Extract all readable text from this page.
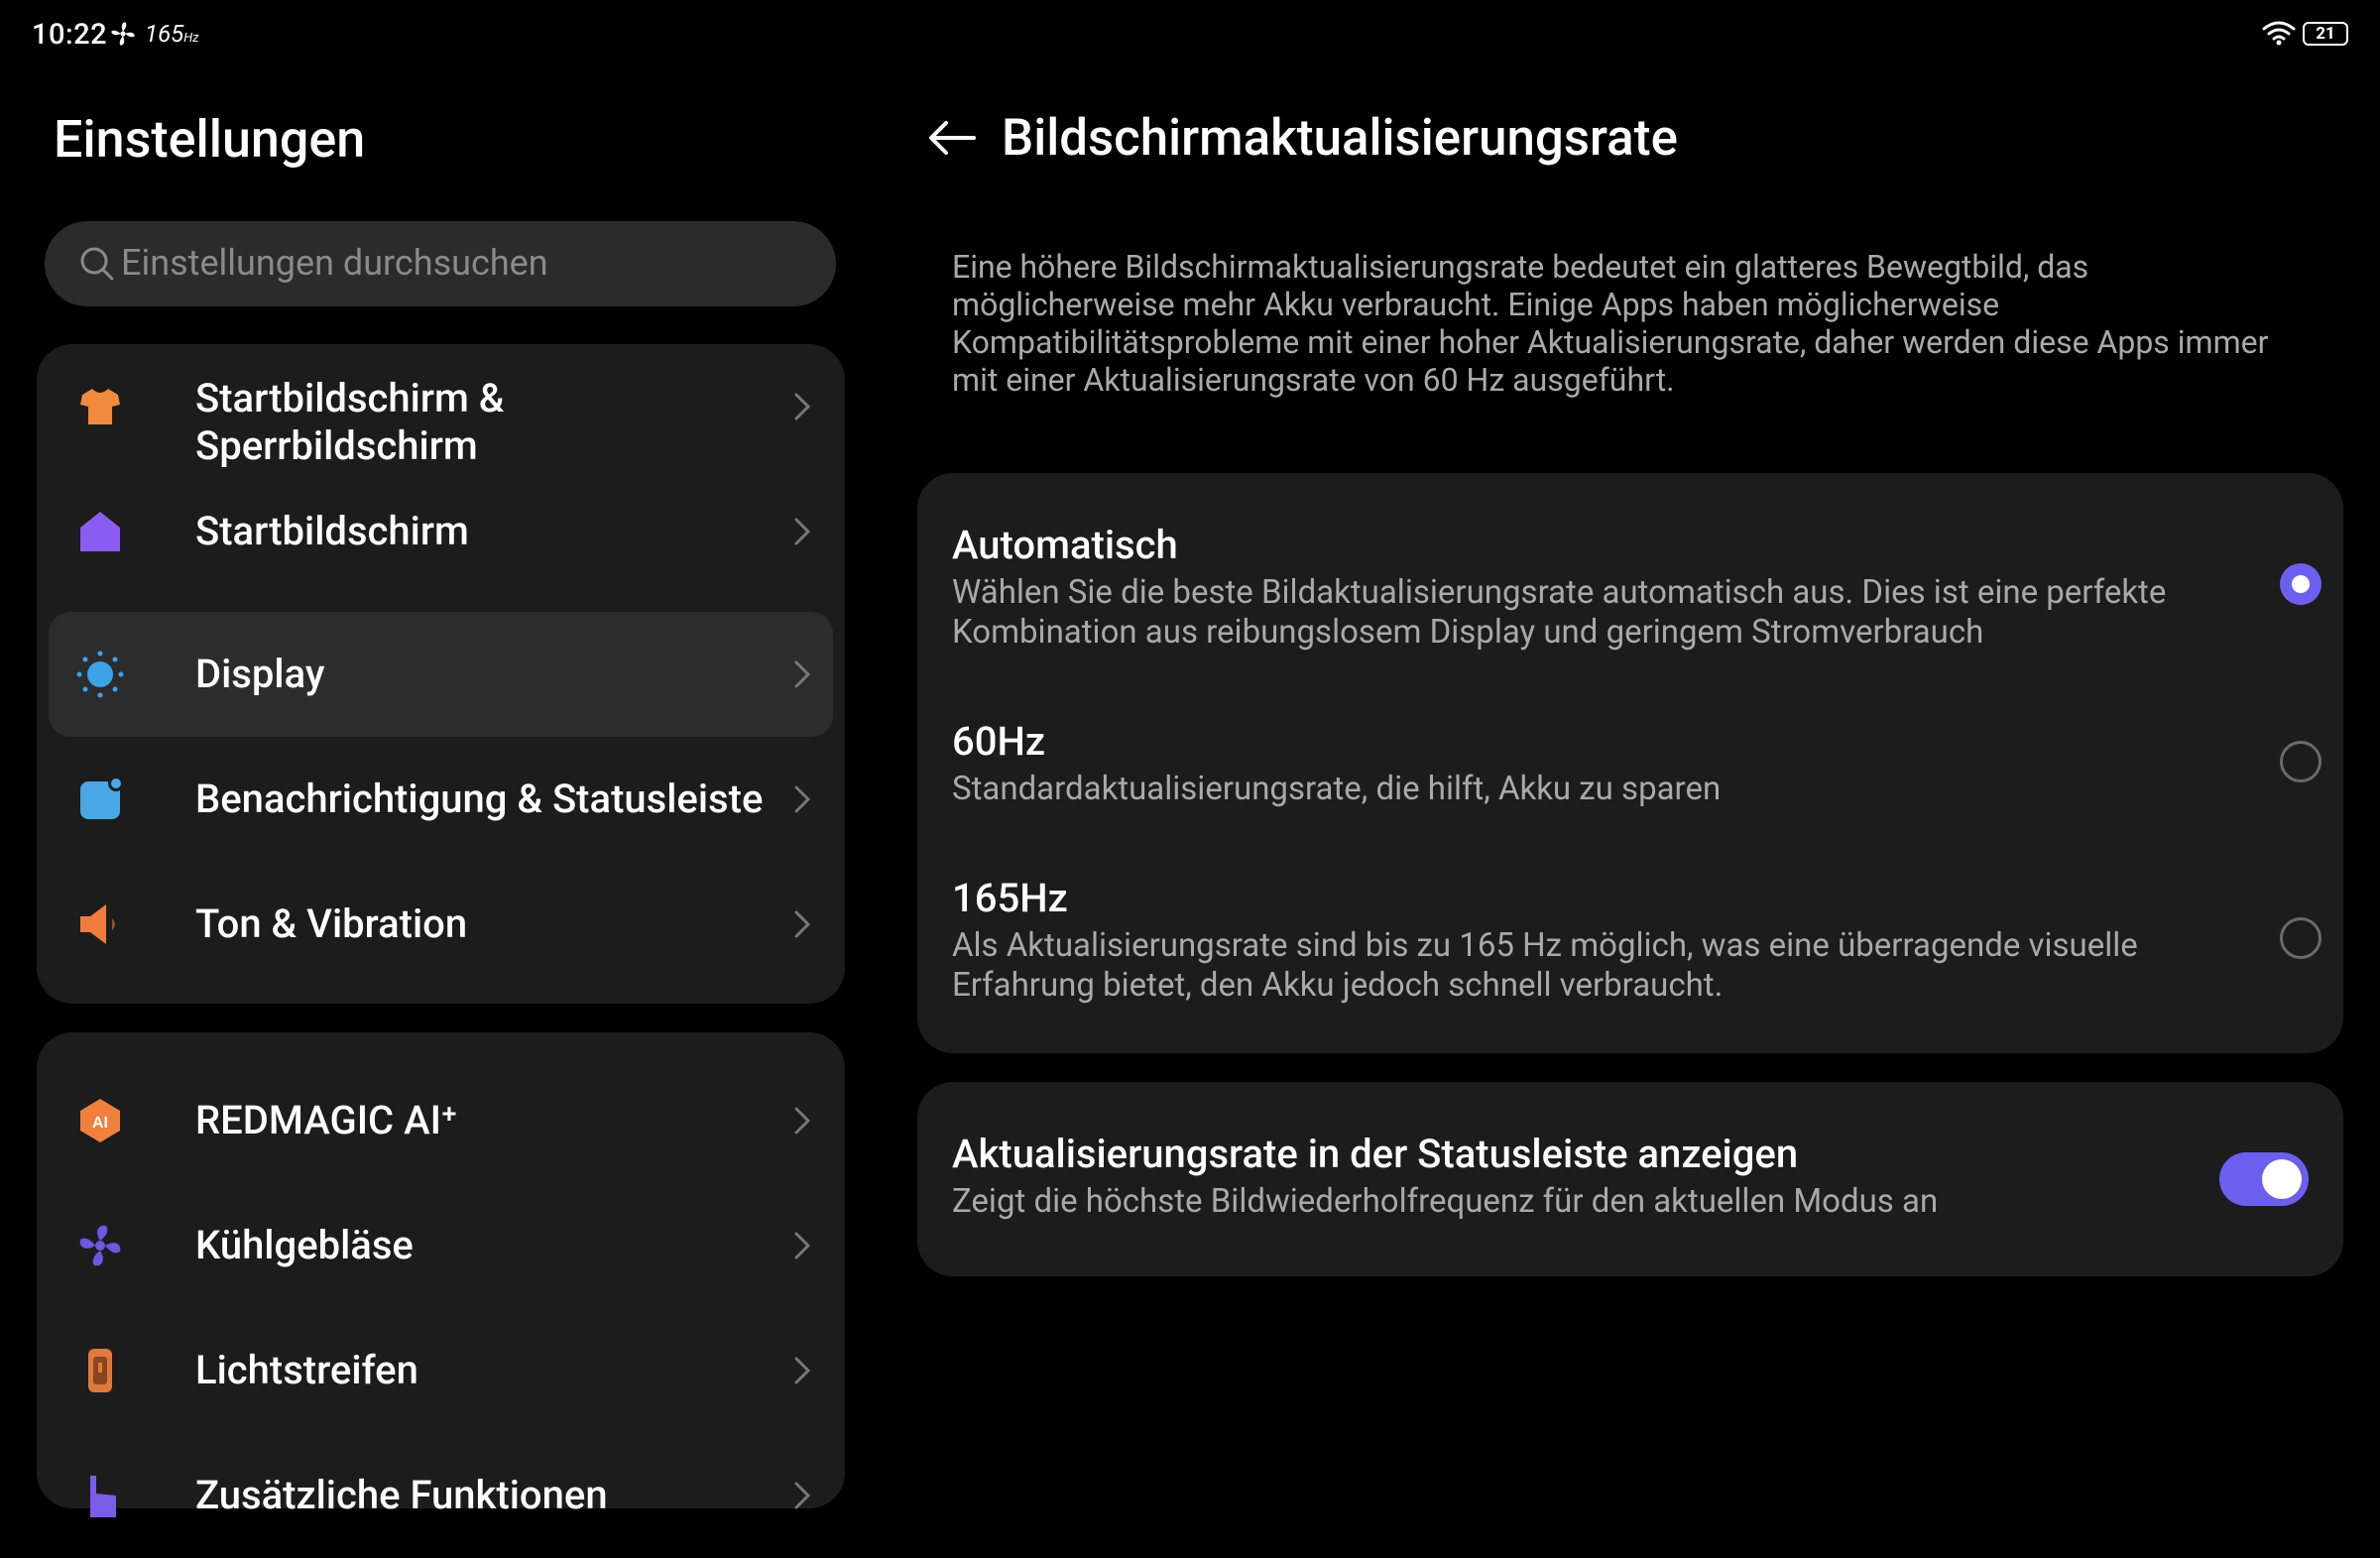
10:22 165Hz	21
Einstellungen
Einstellungen durchsuchen
Startbildschirm &
Sperrbildschirm
Startbildschirm
Display
Benachrichtigung & Statusleiste
Ton & Vibration
AI REDMAGIC AI⁺
Kühlgebläse
Lichtstreifen
Zusätzliche Funktionen
Bildschirmaktualisierungsrate
Eine höhere Bildschirmaktualisierungsrate bedeutet ein glatteres Bewegtbild, das möglicherweise mehr Akku verbraucht. Einige Apps haben möglicherweise Kompatibilitätsprobleme mit einer hoher Aktualisierungsrate, daher werden diese Apps immer mit einer Aktualisierungsrate von 60 Hz ausgeführt.
Automatisch
Wählen Sie die beste Bildaktualisierungsrate automatisch aus. Dies ist eine perfekte Kombination aus reibungslosem Display und geringem Stromverbrauch
60Hz
Standardaktualisierungsrate, die hilft, Akku zu sparen
165Hz
Als Aktualisierungsrate sind bis zu 165 Hz möglich, was eine überragende visuelle Erfahrung bietet, den Akku jedoch schnell verbraucht.
Aktualisierungsrate in der Statusleiste anzeigen
Zeigt die höchste Bildwiederholfrequenz für den aktuellen Modus an
